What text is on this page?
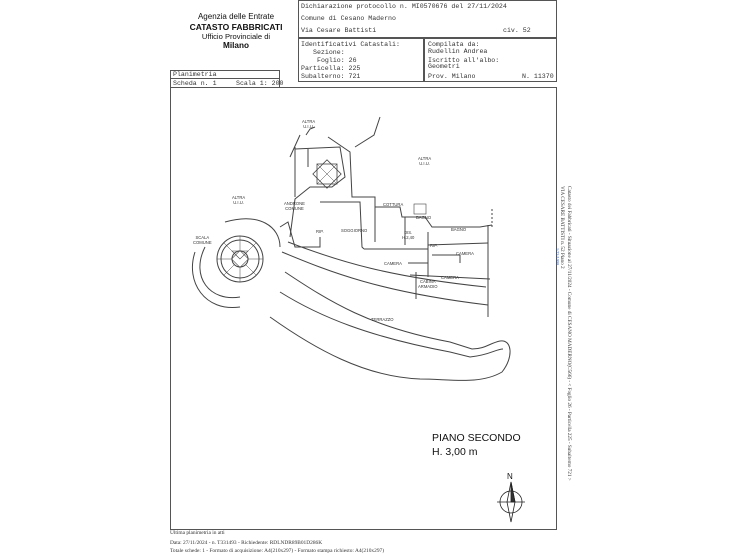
Agenzia delle Entrate
CATASTO FABBRICATI
Ufficio Provinciale di
Milano
Dichiarazione protocollo n. MI0570676 del 27/11/2024
Comune di Cesano Maderno
Via Cesare Battisti	civ. 52
Identificativi Catastali:
Sezione:
Foglio: 26
Particella: 225
Subalterno: 721
Compilata da:
Rudellin Andrea
Iscritto all'albo:
Geometri
Prov. Milano	N. 11370
Planimetria
Scheda n. 1	Scala 1: 200
PIANO SECONDO
H. 3,00 m
N
ALTRA
U.I.U.
ALTRA
U.I.U.
ALTRA
U.I.U.	ANDRONE
COMUNE
COTTURA
BAGNO
BAGNO
SOGGIORNO
RIP.
RIP.
DIS.
H.2,40
CAMERA
CAMERA
CAMERA
CABINA
ARMADIO
SCALA
COMUNE
TERRAZZO	Catasto dei Fabbricati - Situazione al 27/11/2024 - Comune di CESANO MADERNO(C566) - < Foglio 26 - Particella 225 - Subalterno 721 >
VIA CESARE BATTISTI n. 52 Piano 2
1/23/1000
Ultima planimetria in atti
Data: 27/11/2024 - n. T331493 - Richiedente: RDLNDR89B01D286K
Totale schede: 1 - Formato di acquisizione: A4(210x297) - Formato stampa richiesto: A4(210x297)
